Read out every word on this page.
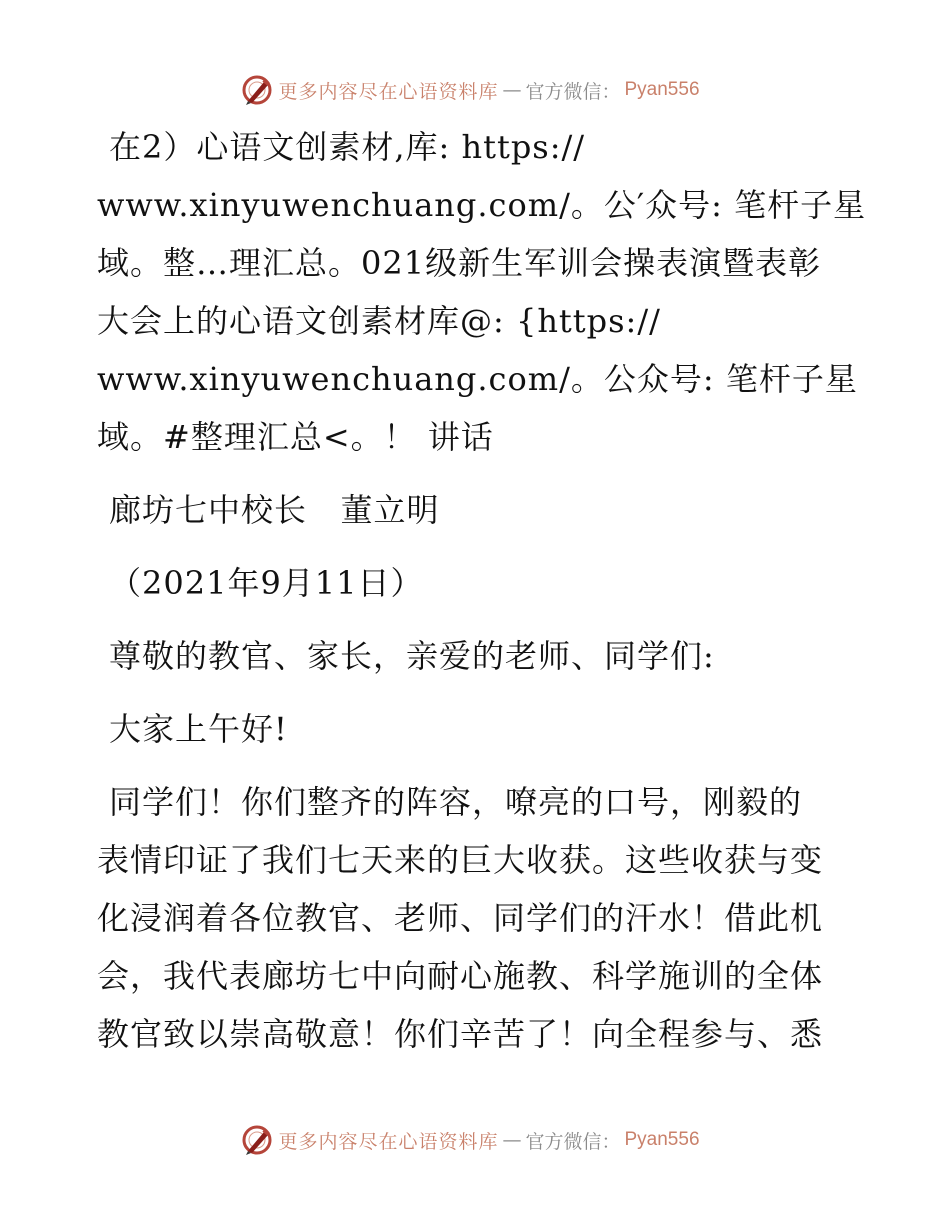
更多内容尽在心语资料库 — 官方微信： Pyan556

在2）心语文创素材,库: https://
www.xinyuwenchuang.com/。公′众号: 笔杆子星
域。整…理汇总。021级新生军训会操表演暨表彰
大会上的心语文创素材库@: {https://
www.xinyuwenchuang.com/。公众号: 笔杆子星
域。#整理汇总<。！ 讲话

廊坊七中校长   董立明

（2021年9月11日）

尊敬的教官、家长，亲爱的老师、同学们:

大家上午好!

同学们！你们整齐的阵容，嘹亮的口号，刚毅的
表情印证了我们七天来的巨大收获。这些收获与变
化浸润着各位教官、老师、同学们的汗水！借此机
会，我代表廊坊七中向耐心施教、科学施训的全体
教官致以崇高敬意！你们辛苦了！向全程参与、悉

更多内容尽在心语资料库 — 官方微信： Pyan556
